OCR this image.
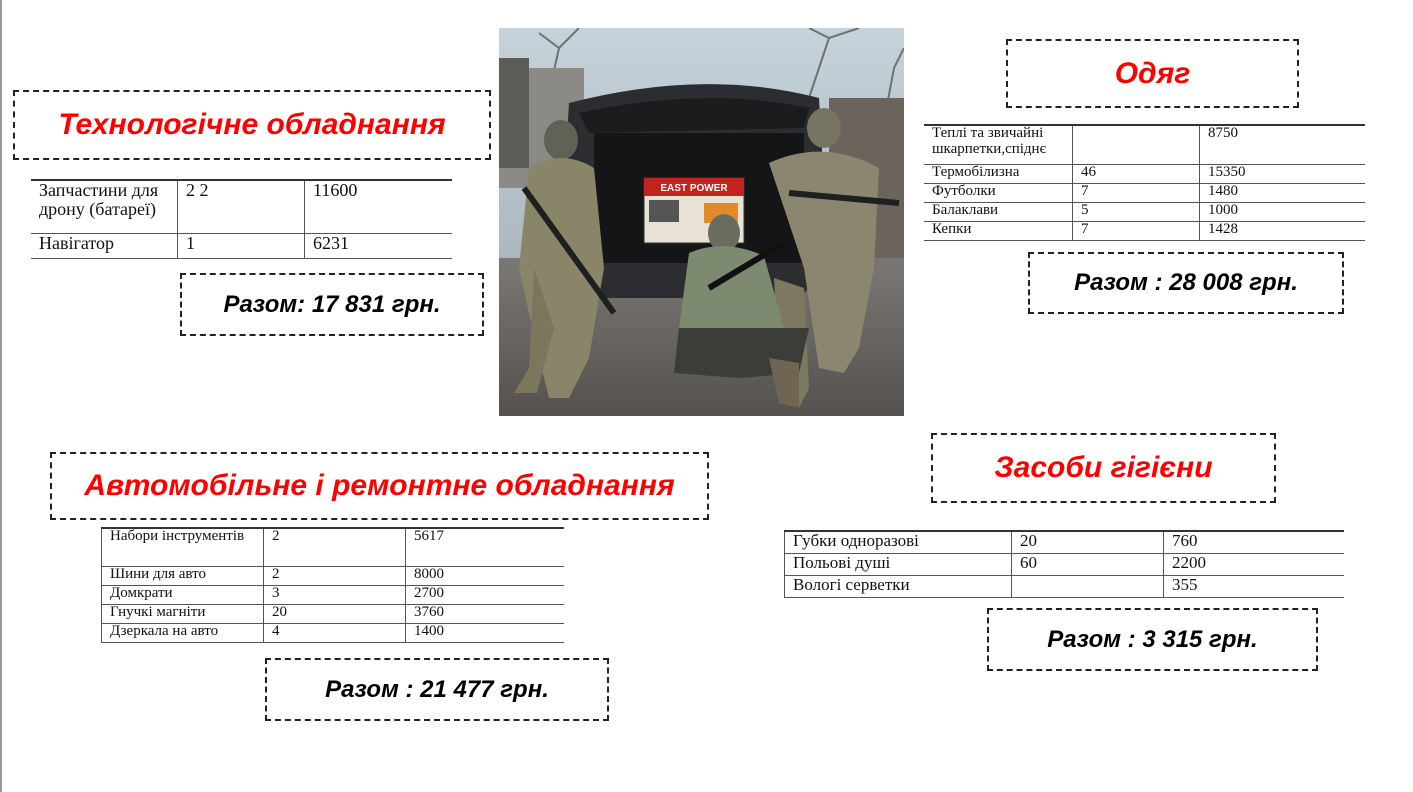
Технологічне обладнання
Запчастини для дрону (батареї)	2 2	11600
Навігатор	1	6231
Разом: 17 831 грн.
EAST POWER
Одяг
Теплі та звичайні шкарпетки,спіднє		8750
Термобілизна	46	15350
Футболки	7	1480
Балаклави	5	1000
Кепки	7	1428
Разом : 28 008 грн.
Автомобільне і ремонтне обладнання
Набори інструментів	2	5617
Шини для авто	2	8000
Домкрати	3	2700
Гнучкі магніти	20	3760
Дзеркала на авто	4	1400
Разом : 21 477 грн.
Засоби гігієни
Губки одноразові	20	760
Польові душі	60	2200
Вологі серветки		355
Разом : 3 315 грн.
